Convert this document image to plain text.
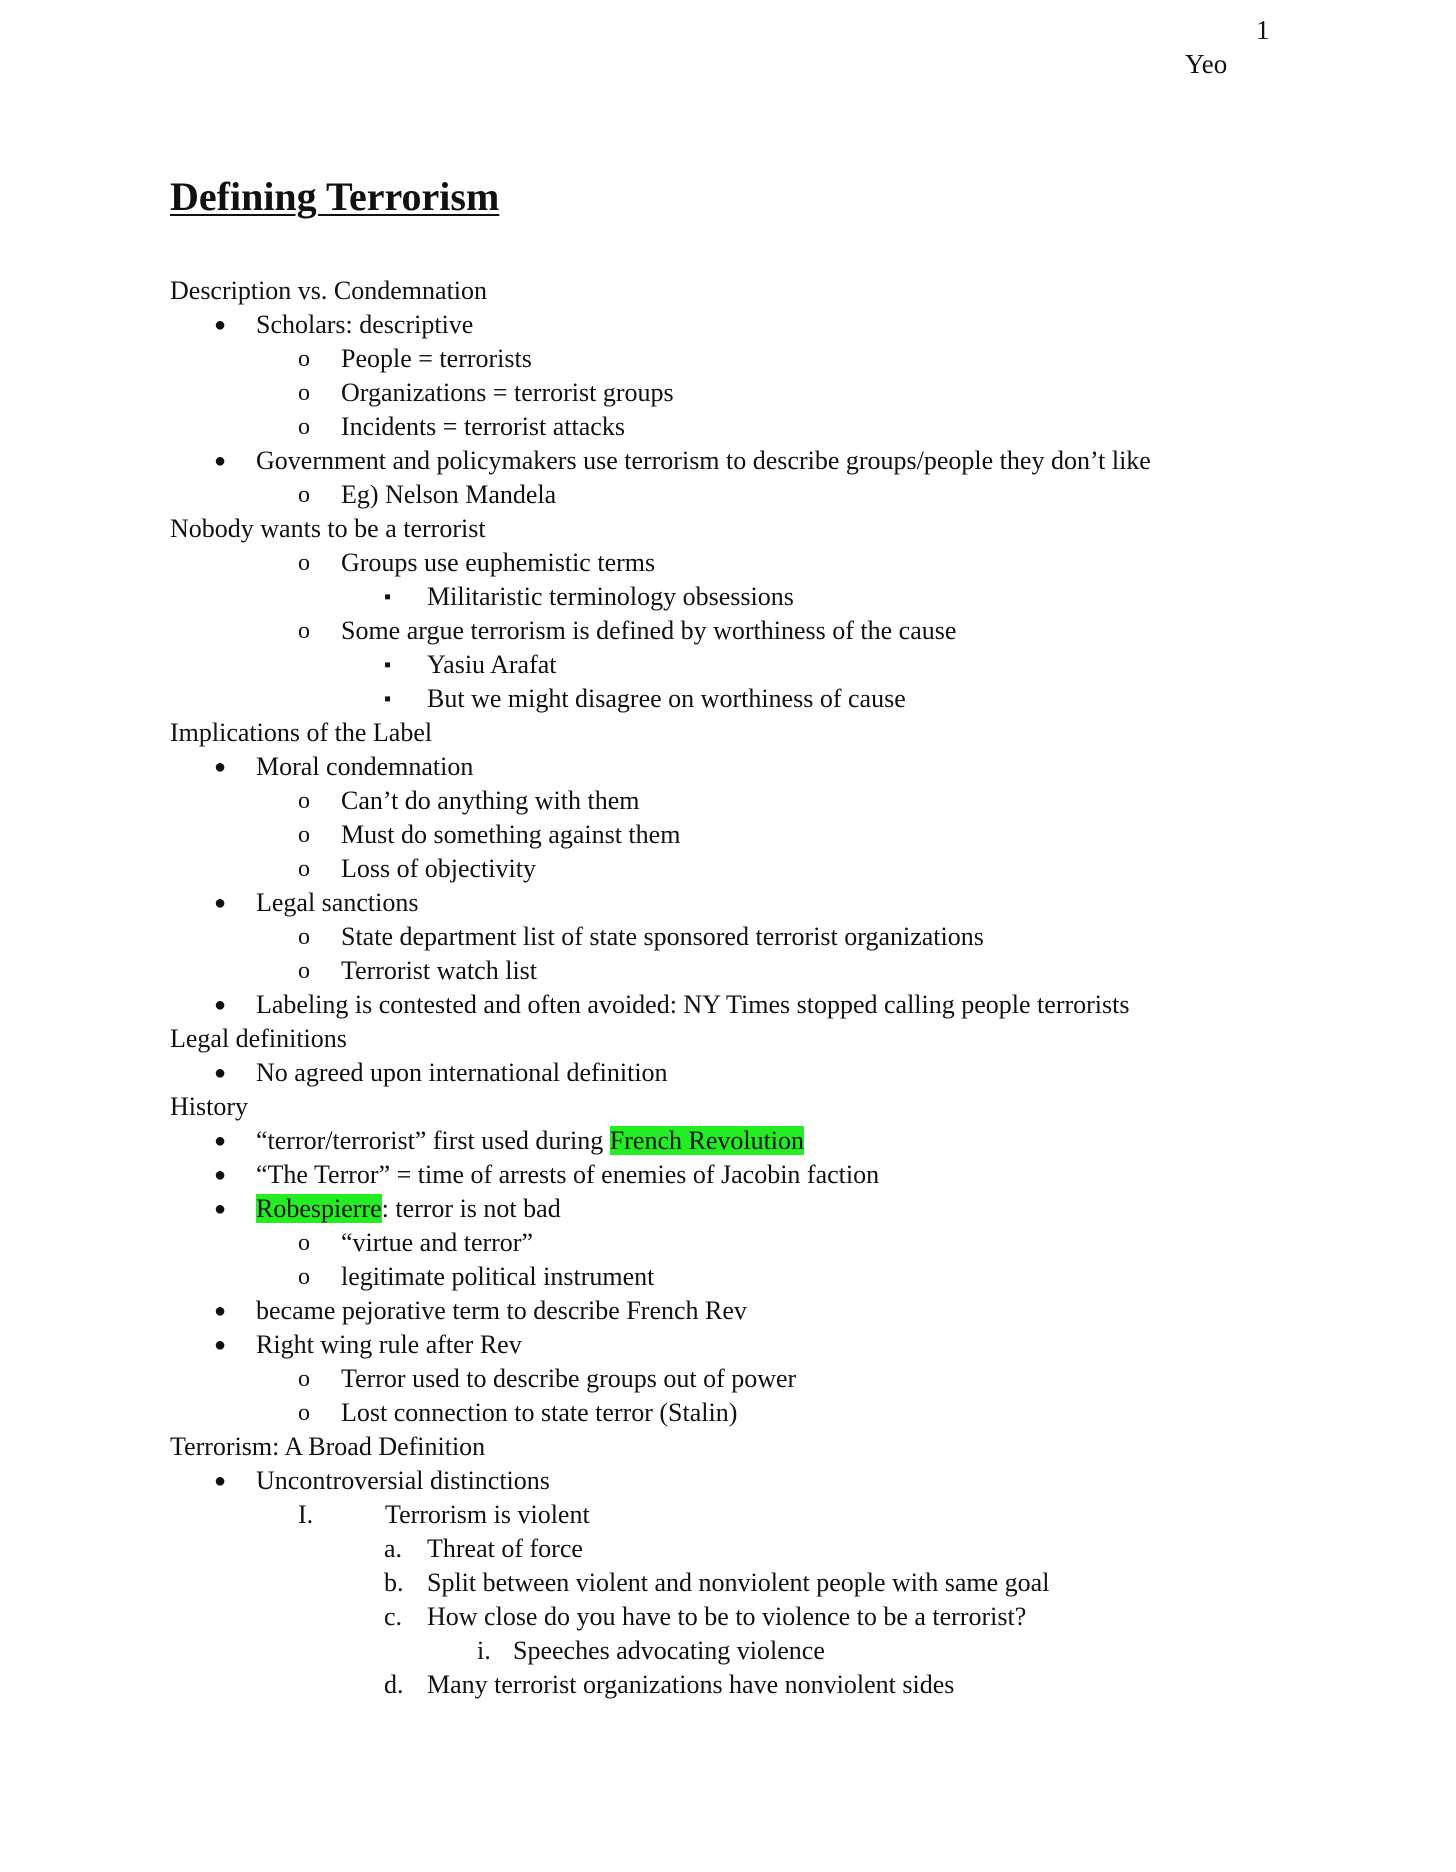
1

Yeo

Defining Terrorism
Description vs. Condemnation
● Scholars: descriptive
o People = terrorists
o Organizations = terrorist groups
o Incidents = terrorist attacks
● Government and policymakers use terrorism to describe groups/people they don’t like
o Eg) Nelson Mandela
Nobody wants to be a terrorist
o Groups use euphemistic terms
▪ Militaristic terminology obsessions
o Some argue terrorism is defined by worthiness of the cause
▪ Yasiu Arafat
▪ But we might disagree on worthiness of cause
Implications of the Label
● Moral condemnation
o Can’t do anything with them
o Must do something against them
o Loss of objectivity
● Legal sanctions
o State department list of state sponsored terrorist organizations
o Terrorist watch list
● Labeling is contested and often avoided: NY Times stopped calling people terrorists
Legal definitions
● No agreed upon international definition
History
● “terror/terrorist” first used during French Revolution
● “The Terror” = time of arrests of enemies of Jacobin faction
● Robespierre: terror is not bad
o “virtue and terror”
o legitimate political instrument
● became pejorative term to describe French Rev
● Right wing rule after Rev
o Terror used to describe groups out of power
o Lost connection to state terror (Stalin)
Terrorism: A Broad Definition
● Uncontroversial distinctions
I.	Terrorism is violent
a. Threat of force
b. Split between violent and nonviolent people with same goal
c. How close do you have to be to violence to be a terrorist?
i. Speeches advocating violence
d. Many terrorist organizations have nonviolent sides
